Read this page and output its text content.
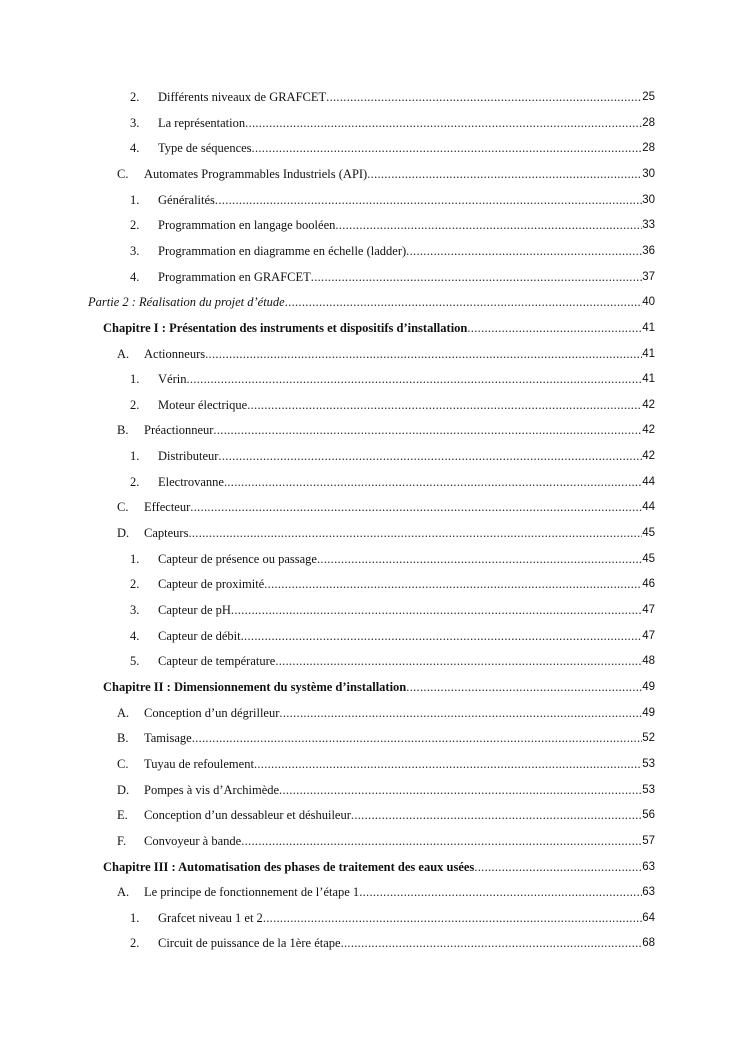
2.	Différents niveaux de GRAFCET .....	25
3.	La représentation .....	28
4.	Type de séquences .....	28
C.	Automates Programmables Industriels (API) .....	30
1.	Généralités .....	30
2.	Programmation en langage booléen .....	33
3.	Programmation en diagramme en échelle (ladder) .....	36
4.	Programmation en GRAFCET .....	37
Partie 2 : Réalisation du projet d’étude .....	40
Chapitre I : Présentation des instruments et dispositifs d’installation .....	41
A.	Actionneurs .....	41
1.	Vérin .....	41
2.	Moteur électrique .....	42
B.	Préactionneur .....	42
1.	Distributeur .....	42
2.	Electrovanne .....	44
C.	Effecteur .....	44
D.	Capteurs .....	45
1.	Capteur de présence ou passage .....	45
2.	Capteur de proximité .....	46
3.	Capteur de pH .....	47
4.	Capteur de débit .....	47
5.	Capteur de température .....	48
Chapitre II : Dimensionnement du système d’installation .....	49
A.	Conception d’un dégrilleur .....	49
B.	Tamisage .....	52
C.	Tuyau de refoulement .....	53
D.	Pompes à vis d’Archimède .....	53
E.	Conception d’un dessableur et déshuileur .....	56
F.	Convoyeur à bande .....	57
Chapitre III : Automatisation des phases de traitement des eaux usées .....	63
A.	Le principe de fonctionnement de l’étape 1 .....	63
1.	Grafcet niveau 1 et 2 .....	64
2.	Circuit de puissance de la 1ère étape .....	68
